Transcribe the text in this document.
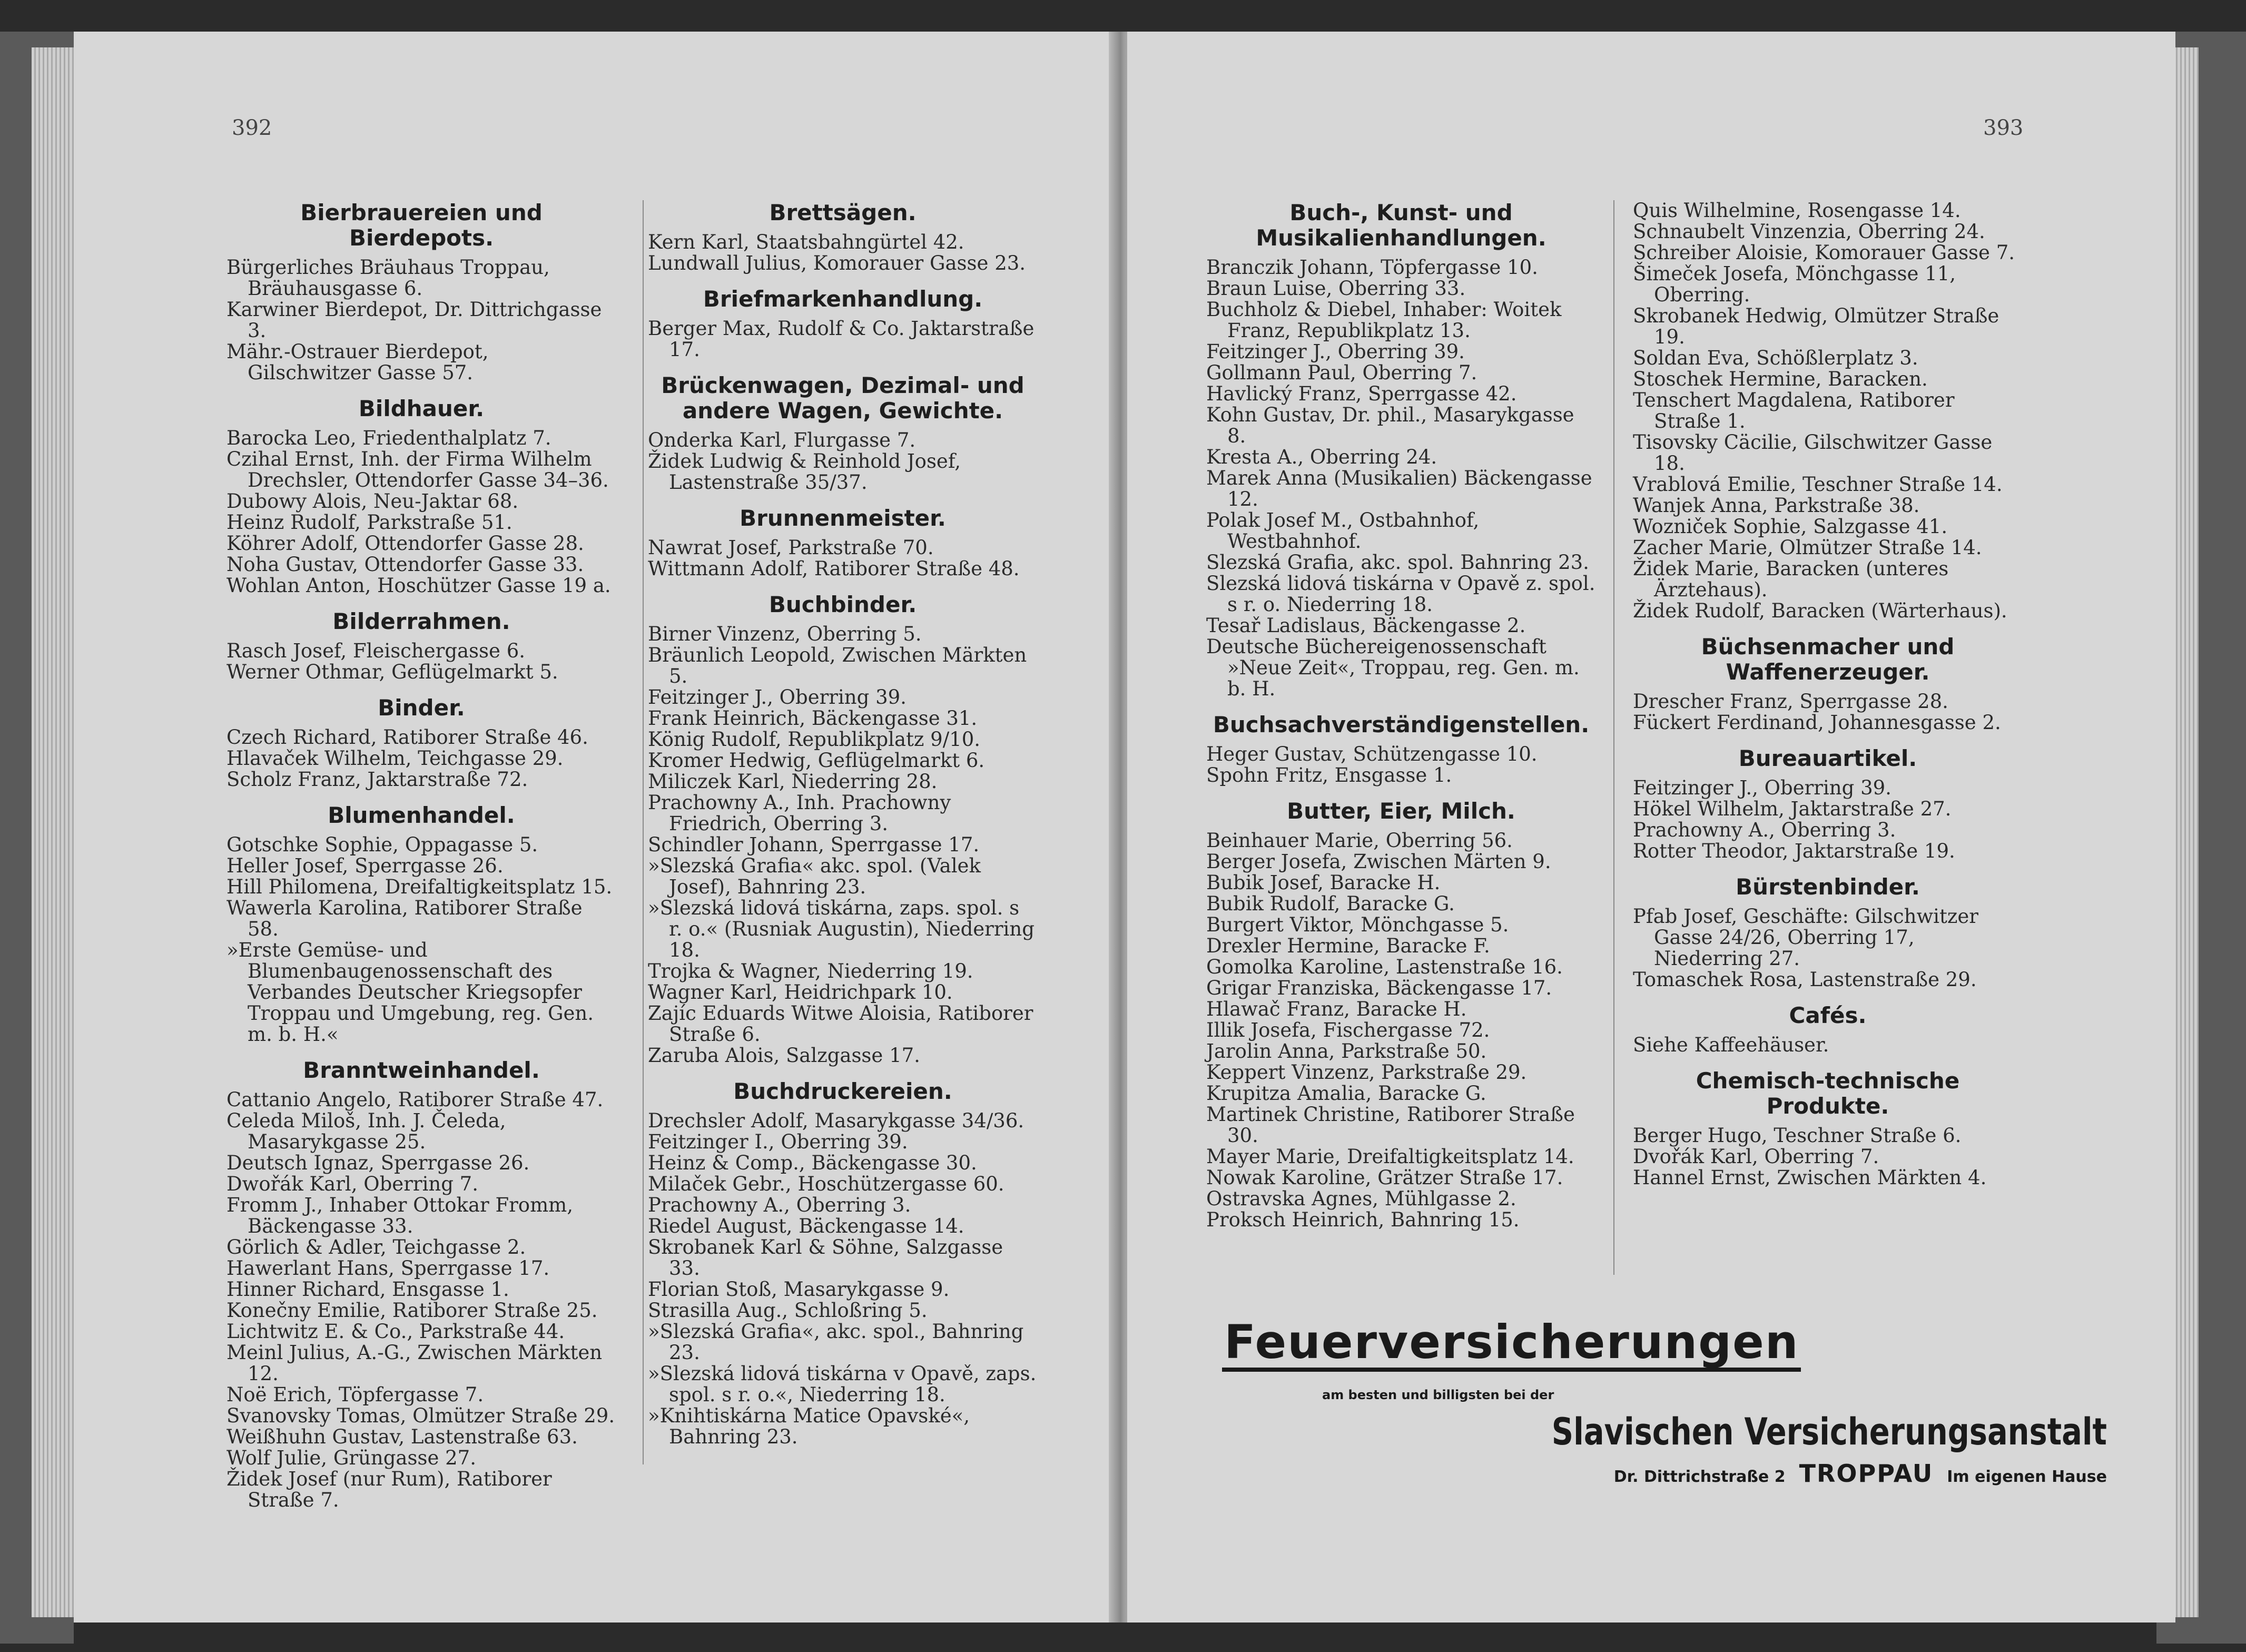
392
Bierbrauereien und Bierdepots.

Bürgerliches Bräuhaus Troppau, Bräuhausgasse 6.

Karwiner Bierdepot, Dr. Dittrichgasse 3.

Mähr.-Ostrauer Bierdepot, Gilschwitzer Gasse 57.

Bildhauer.

Barocka Leo, Friedenthalplatz 7.

Czihal Ernst, Inh. der Firma Wilhelm Drechsler, Ottendorfer Gasse 34–36.

Dubowy Alois, Neu-Jaktar 68.

Heinz Rudolf, Parkstraße 51.

Köhrer Adolf, Ottendorfer Gasse 28.

Noha Gustav, Ottendorfer Gasse 33.

Wohlan Anton, Hoschützer Gasse 19 a.

Bilderrahmen.

Rasch Josef, Fleischergasse 6.

Werner Othmar, Geflügelmarkt 5.

Binder.

Czech Richard, Ratiborer Straße 46.

Hlavaček Wilhelm, Teichgasse 29.

Scholz Franz, Jaktarstraße 72.

Blumenhandel.

Gotschke Sophie, Oppagasse 5.

Heller Josef, Sperrgasse 26.

Hill Philomena, Dreifaltigkeitsplatz 15.

Wawerla Karolina, Ratiborer Straße 58.

»Erste Gemüse- und Blumenbaugenossenschaft des Verbandes Deutscher Kriegsopfer Troppau und Umgebung, reg. Gen. m. b. H.«

Branntweinhandel.

Cattanio Angelo, Ratiborer Straße 47.

Celeda Miloš, Inh. J. Čeleda, Masarykgasse 25.

Deutsch Ignaz, Sperrgasse 26.

Dwořák Karl, Oberring 7.

Fromm J., Inhaber Ottokar Fromm, Bäckengasse 33.

Görlich & Adler, Teichgasse 2.

Hawerlant Hans, Sperrgasse 17.

Hinner Richard, Ensgasse 1.

Konečny Emilie, Ratiborer Straße 25.

Lichtwitz E. & Co., Parkstraße 44.

Meinl Julius, A.-G., Zwischen Märkten 12.

Noë Erich, Töpfergasse 7.

Svanovsky Tomas, Olmützer Straße 29.

Weißhuhn Gustav, Lastenstraße 63.

Wolf Julie, Grüngasse 27.

Židek Josef (nur Rum), Ratiborer Straße 7.

Brettsägen.

Kern Karl, Staatsbahngürtel 42.

Lundwall Julius, Komorauer Gasse 23.

Briefmarkenhandlung.

Berger Max, Rudolf & Co. Jaktarstraße 17.

Brückenwagen, Dezimal- und andere Wagen, Gewichte.

Onderka Karl, Flurgasse 7.

Židek Ludwig & Reinhold Josef, Lastenstraße 35/37.

Brunnenmeister.

Nawrat Josef, Parkstraße 70.

Wittmann Adolf, Ratiborer Straße 48.

Buchbinder.

Birner Vinzenz, Oberring 5.

Bräunlich Leopold, Zwischen Märkten 5.

Feitzinger J., Oberring 39.

Frank Heinrich, Bäckengasse 31.

König Rudolf, Republikplatz 9/10.

Kromer Hedwig, Geflügelmarkt 6.

Miliczek Karl, Niederring 28.

Prachowny A., Inh. Prachowny Friedrich, Oberring 3.

Schindler Johann, Sperrgasse 17.

»Slezská Grafia« akc. spol. (Valek Josef), Bahnring 23.

»Slezská lidová tiskárna, zaps. spol. s r. o.« (Rusniak Augustin), Niederring 18.

Trojka & Wagner, Niederring 19.

Wagner Karl, Heidrichpark 10.

Zajíc Eduards Witwe Aloisia, Ratiborer Straße 6.

Zaruba Alois, Salzgasse 17.

Buchdruckereien.

Drechsler Adolf, Masarykgasse 34/36.

Feitzinger I., Oberring 39.

Heinz & Comp., Bäckengasse 30.

Milaček Gebr., Hoschützergasse 60.

Prachowny A., Oberring 3.

Riedel August, Bäckengasse 14.

Skrobanek Karl & Söhne, Salzgasse 33.

Florian Stoß, Masarykgasse 9.

Strasilla Aug., Schloßring 5.

»Slezská Grafia«, akc. spol., Bahnring 23.

»Slezská lidová tiskárna v Opavě, zaps. spol. s r. o.«, Niederring 18.

»Knihtiskárna Matice Opavské«, Bahnring 23.

393
Buch-, Kunst- und Musikalienhandlungen.

Branczik Johann, Töpfergasse 10.

Braun Luise, Oberring 33.

Buchholz & Diebel, Inhaber: Woitek Franz, Republikplatz 13.

Feitzinger J., Oberring 39.

Gollmann Paul, Oberring 7.

Havlický Franz, Sperrgasse 42.

Kohn Gustav, Dr. phil., Masarykgasse 8.

Kresta A., Oberring 24.

Marek Anna (Musikalien) Bäckengasse 12.

Polak Josef M., Ostbahnhof, Westbahnhof.

Slezská Grafia, akc. spol. Bahnring 23.

Slezská lidová tiskárna v Opavě z. spol. s r. o. Niederring 18.

Tesař Ladislaus, Bäckengasse 2.

Deutsche Büchereigenossenschaft »Neue Zeit«, Troppau, reg. Gen. m. b. H.

Buchsachverständigenstellen.

Heger Gustav, Schützengasse 10.

Spohn Fritz, Ensgasse 1.

Butter, Eier, Milch.

Beinhauer Marie, Oberring 56.

Berger Josefa, Zwischen Märten 9.

Bubik Josef, Baracke H.

Bubik Rudolf, Baracke G.

Burgert Viktor, Mönchgasse 5.

Drexler Hermine, Baracke F.

Gomolka Karoline, Lastenstraße 16.

Grigar Franziska, Bäckengasse 17.

Hlawač Franz, Baracke H.

Illik Josefa, Fischergasse 72.

Jarolin Anna, Parkstraße 50.

Keppert Vinzenz, Parkstraße 29.

Krupitza Amalia, Baracke G.

Martinek Christine, Ratiborer Straße 30.

Mayer Marie, Dreifaltigkeitsplatz 14.

Nowak Karoline, Grätzer Straße 17.

Ostravska Agnes, Mühlgasse 2.

Proksch Heinrich, Bahnring 15.

Quis Wilhelmine, Rosengasse 14.

Schnaubelt Vinzenzia, Oberring 24.

Schreiber Aloisie, Komorauer Gasse 7.

Šimeček Josefa, Mönchgasse 11, Oberring.

Skrobanek Hedwig, Olmützer Straße 19.

Soldan Eva, Schößlerplatz 3.

Stoschek Hermine, Baracken.

Tenschert Magdalena, Ratiborer Straße 1.

Tisovsky Cäcilie, Gilschwitzer Gasse 18.

Vrablová Emilie, Teschner Straße 14.

Wanjek Anna, Parkstraße 38.

Wozniček Sophie, Salzgasse 41.

Zacher Marie, Olmützer Straße 14.

Židek Marie, Baracken (unteres Ärztehaus).

Židek Rudolf, Baracken (Wärterhaus).

Büchsenmacher und Waffenerzeuger.

Drescher Franz, Sperrgasse 28.

Fückert Ferdinand, Johannesgasse 2.

Bureauartikel.

Feitzinger J., Oberring 39.

Hökel Wilhelm, Jaktarstraße 27.

Prachowny A., Oberring 3.

Rotter Theodor, Jaktarstraße 19.

Bürstenbinder.

Pfab Josef, Geschäfte: Gilschwitzer Gasse 24/26, Oberring 17, Niederring 27.

Tomaschek Rosa, Lastenstraße 29.

Cafés.

Siehe Kaffeehäuser.

Chemisch-technische Produkte.

Berger Hugo, Teschner Straße 6.

Dvořák Karl, Oberring 7.

Hannel Ernst, Zwischen Märkten 4.

Feuerversicherungen
am besten und billigsten bei der
Slavischen Versicherungsanstalt
Dr. Dittrichstraße 2 TROPPAU Im eigenen Hause
